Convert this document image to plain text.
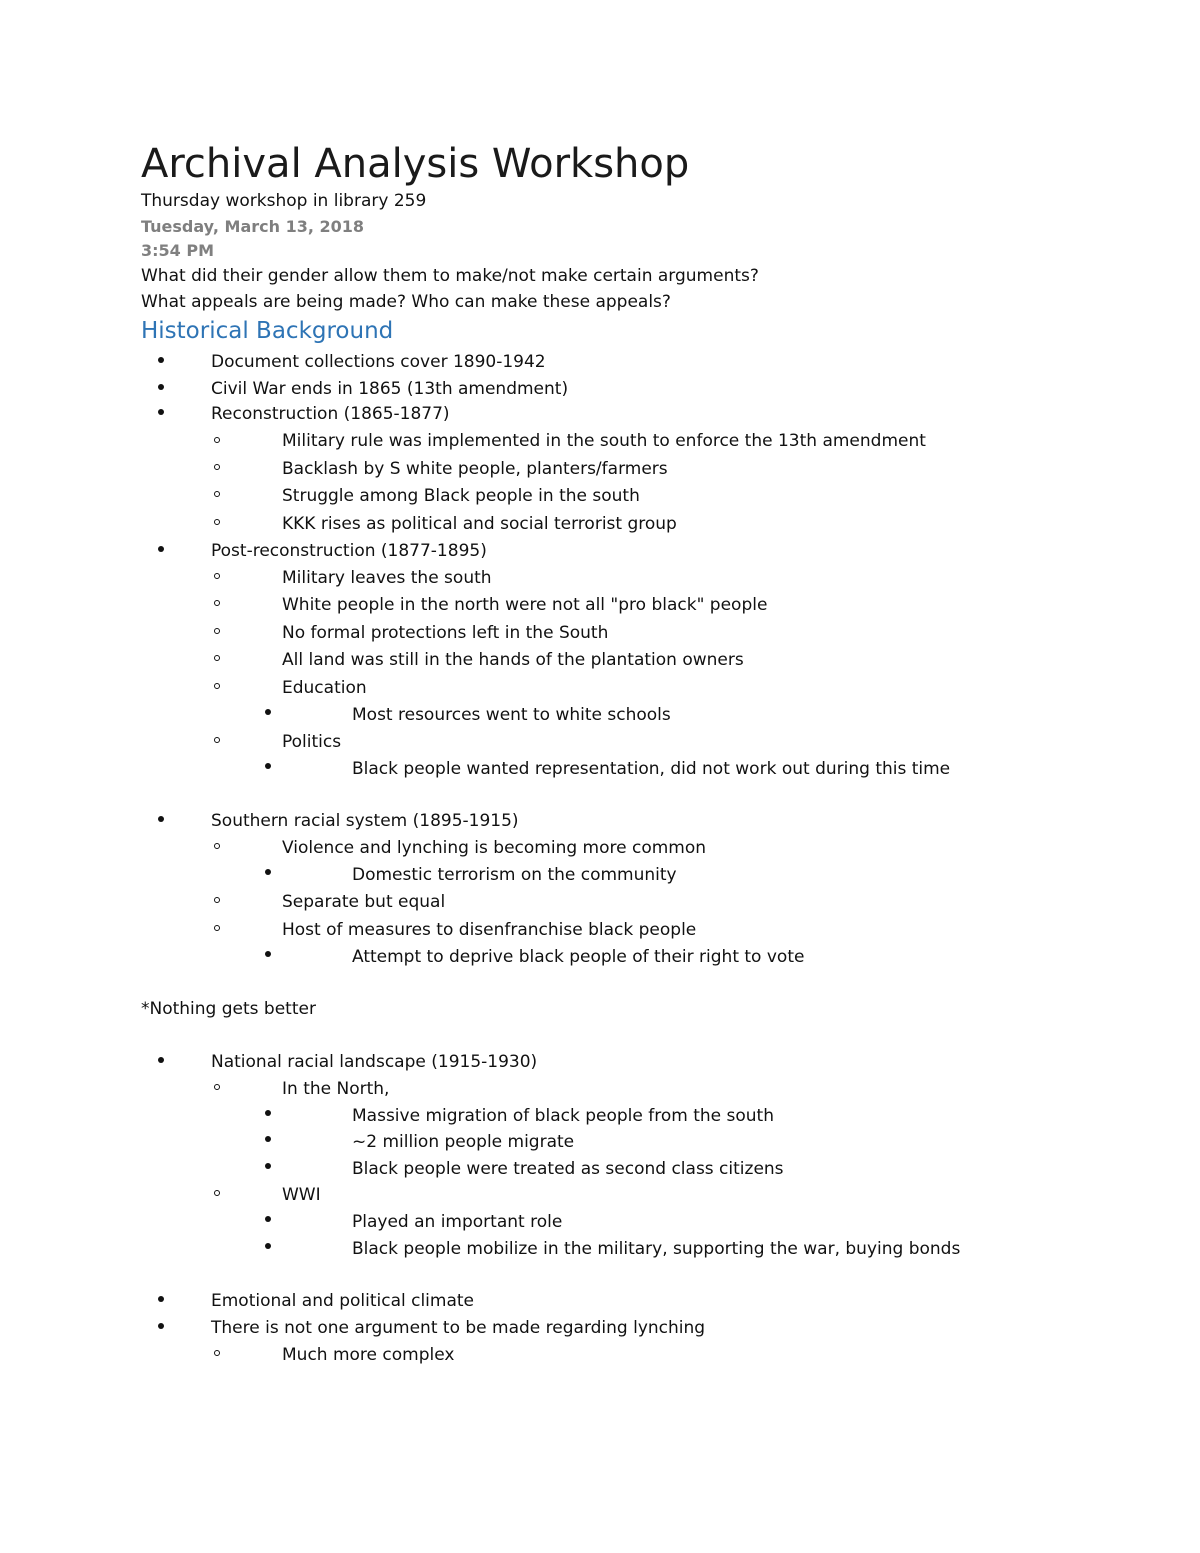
Archival Analysis Workshop
Thursday workshop in library 259
Tuesday, March 13, 2018
3:54 PM
What did their gender allow them to make/not make certain arguments?
What appeals are being made? Who can make these appeals?
Historical Background
Document collections cover 1890-1942
Civil War ends in 1865 (13th amendment)
Reconstruction (1865-1877)
Military rule was implemented in the south to enforce the 13th amendment
Backlash by S white people, planters/farmers
Struggle among Black people in the south
KKK rises as political and social terrorist group
Post-reconstruction (1877-1895)
Military leaves the south
White people in the north were not all "pro black" people
No formal protections left in the South
All land was still in the hands of the plantation owners
Education
Most resources went to white schools
Politics
Black people wanted representation, did not work out during this time
Southern racial system (1895-1915)
Violence and lynching is becoming more common
Domestic terrorism on the community
Separate but equal
Host of measures to disenfranchise black people
Attempt to deprive black people of their right to vote
*Nothing gets better
National racial landscape (1915-1930)
In the North,
Massive migration of black people from the south
~2 million people migrate
Black people were treated as second class citizens
WWI
Played an important role
Black people mobilize in the military, supporting the war, buying bonds
Emotional and political climate
There is not one argument to be made regarding lynching
Much more complex
